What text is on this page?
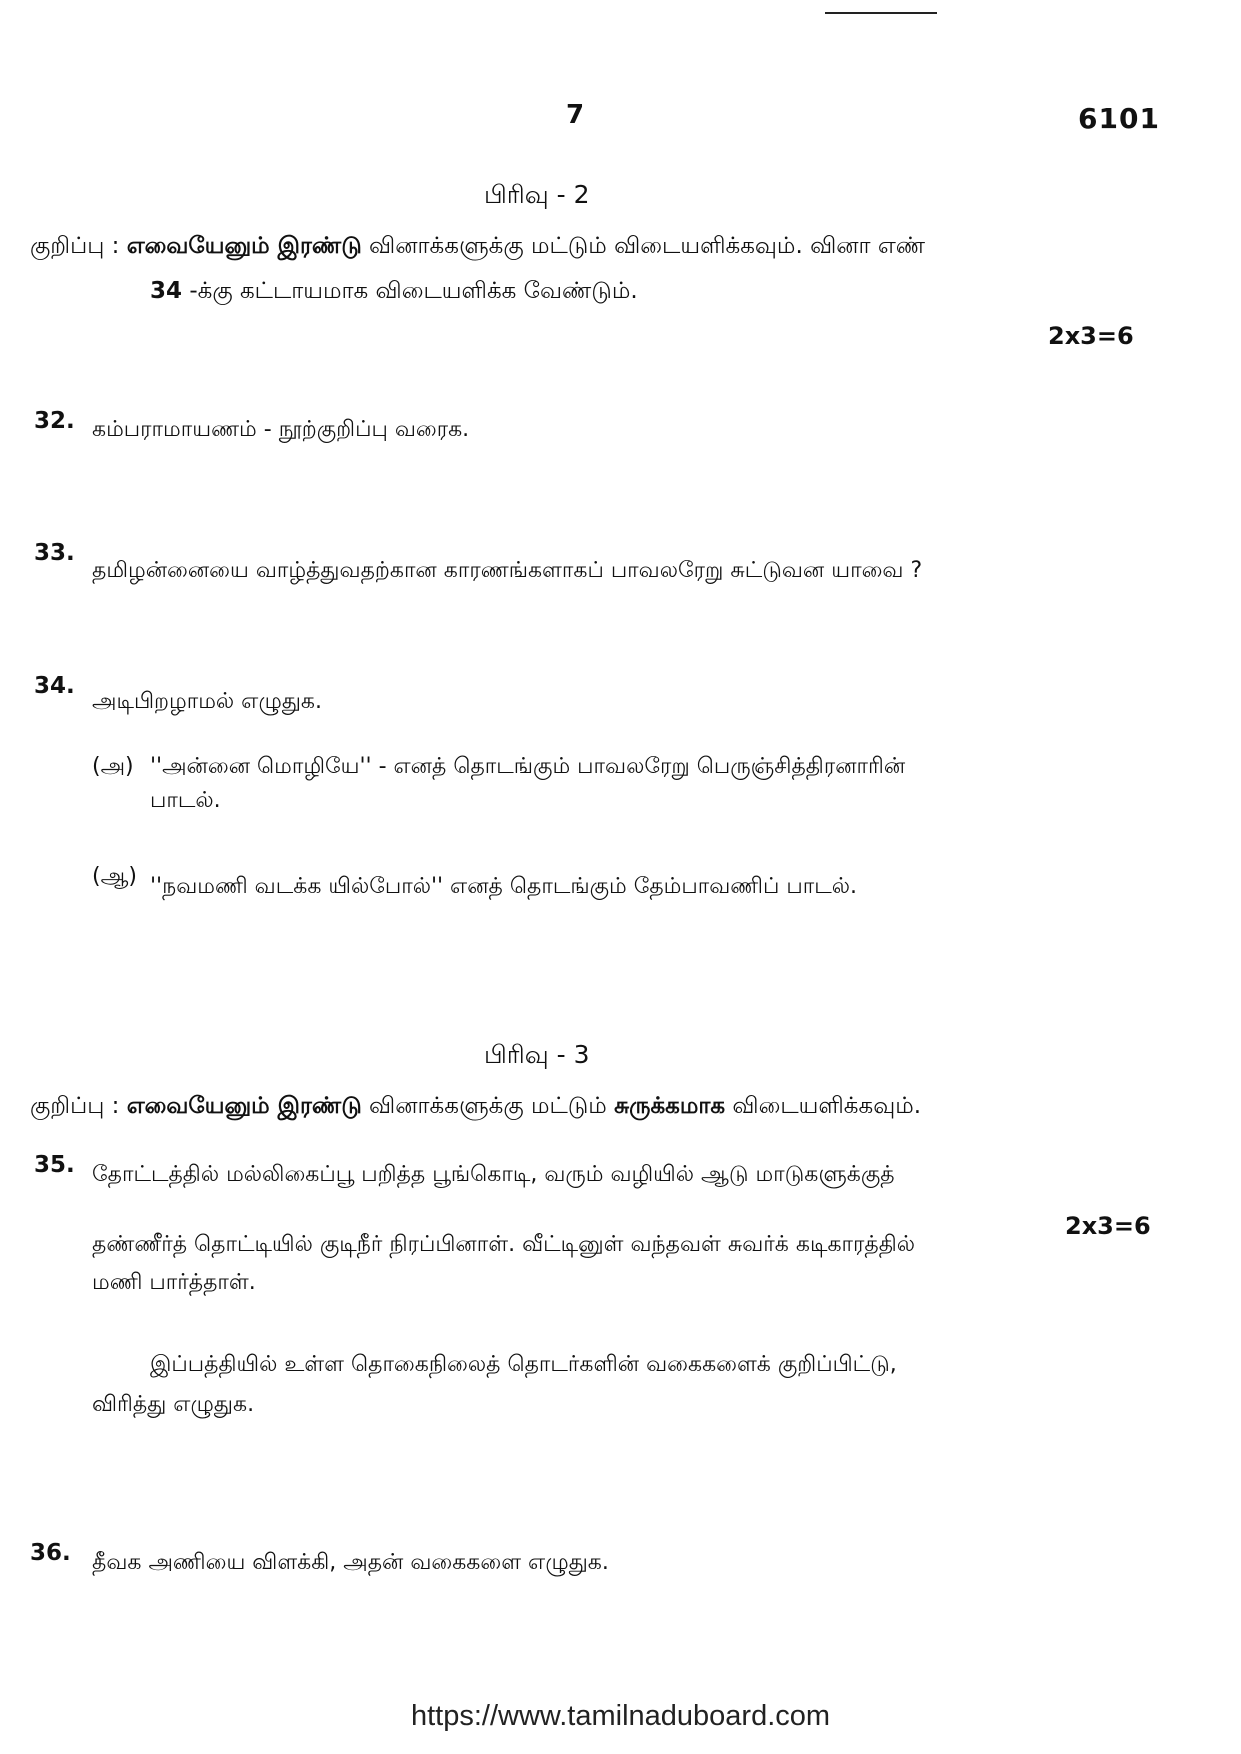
7	6101
பிரிவு - 2
குறிப்பு : எவையேனும் இரண்டு வினாக்களுக்கு மட்டும் விடையளிக்கவும். வினா எண்
34 -க்கு கட்டாயமாக விடையளிக்க வேண்டும்.
2x3=6
32. கம்பராமாயணம் - நூற்குறிப்பு வரைக.
33.
தமிழன்னையை வாழ்த்துவதற்கான காரணங்களாகப் பாவலரேறு சுட்டுவன யாவை ?
34.
அடிபிறழாமல் எழுதுக.
(அ) ''அன்னை மொழியே'' - எனத் தொடங்கும் பாவலரேறு பெருஞ்சித்திரனாரின்
பாடல்.
(ஆ) ''நவமணி வடக்க யில்போல்'' எனத் தொடங்கும் தேம்பாவணிப் பாடல்.
பிரிவு - 3
குறிப்பு : எவையேனும் இரண்டு வினாக்களுக்கு மட்டும் சுருக்கமாக விடையளிக்கவும்.
35. தோட்டத்தில் மல்லிகைப்பூ பறித்த பூங்கொடி, வரும் வழியில் ஆடு மாடுகளுக்குத்
2x3=6
தண்ணீர்த் தொட்டியில் குடிநீர் நிரப்பினாள். வீட்டினுள் வந்தவள் சுவர்க் கடிகாரத்தில்
மணி பார்த்தாள்.
இப்பத்தியில் உள்ள தொகைநிலைத் தொடர்களின் வகைகளைக் குறிப்பிட்டு,
விரித்து எழுதுக.
36. தீவக அணியை விளக்கி, அதன் வகைகளை எழுதுக.
https://www.tamilnaduboard.com
